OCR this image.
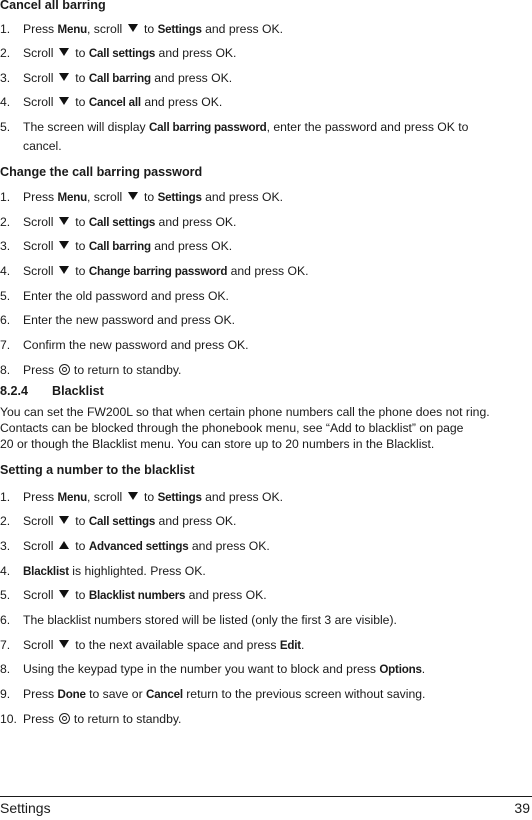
Cancel all barring
1. Press Menu, scroll  to Settings and press OK.
2. Scroll  to Call settings and press OK.
3. Scroll  to Call barring and press OK.
4. Scroll  to Cancel all and press OK.
5. The screen will display Call barring password, enter the password and press OK to cancel.
Change the call barring password
1. Press Menu, scroll  to Settings and press OK.
2. Scroll  to Call settings and press OK.
3. Scroll  to Call barring and press OK.
4. Scroll  to Change barring password and press OK.
5. Enter the old password and press OK.
6. Enter the new password and press OK.
7. Confirm the new password and press OK.
8. Press  to return to standby.
8.2.4 Blacklist
You can set the FW200L so that when certain phone numbers call the phone does not ring.
Contacts can be blocked through the phonebook menu, see “Add to blacklist” on page
20 or though the Blacklist menu. You can store up to 20 numbers in the Blacklist.
Setting a number to the blacklist
1. Press Menu, scroll  to Settings and press OK.
2. Scroll  to Call settings and press OK.
3. Scroll  to Advanced settings and press OK.
4. Blacklist is highlighted. Press OK.
5. Scroll  to Blacklist numbers and press OK.
6. The blacklist numbers stored will be listed (only the first 3 are visible).
7. Scroll  to the next available space and press Edit.
8. Using the keypad type in the number you want to block and press Options.
9. Press Done to save or Cancel return to the previous screen without saving.
10. Press  to return to standby.
Settings	39
